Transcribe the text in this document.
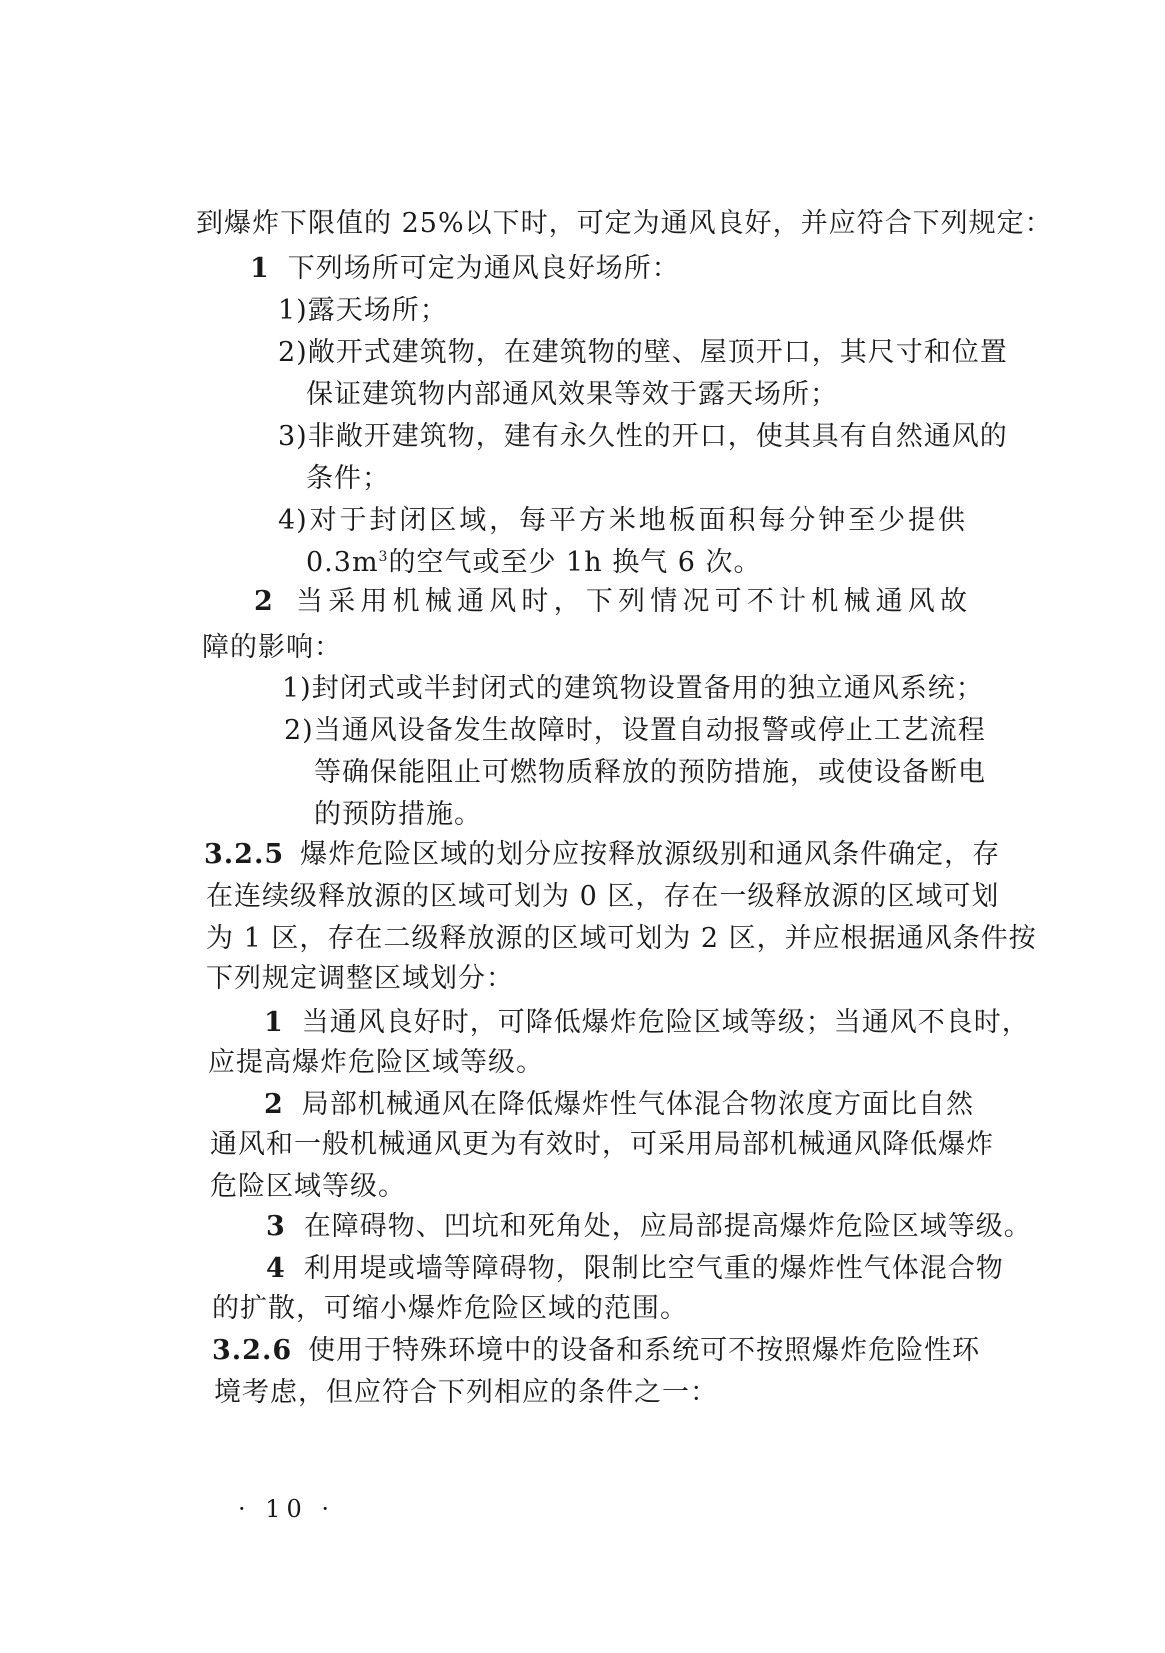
到爆炸下限值的 25%以下时，可定为通风良好，并应符合下列规定：
1 下列场所可定为通风良好场所：
1)露天场所；
2)敞开式建筑物，在建筑物的壁、屋顶开口，其尺寸和位置
保证建筑物内部通风效果等效于露天场所；
3)非敞开建筑物，建有永久性的开口，使其具有自然通风的
条件；
4)对于封闭区域，每平方米地板面积每分钟至少提供
$0.3m^3$的空气或至少 1h 换气 6 次。
2 当采用机械通风时，下列情况可不计机械通风故
障的影响：
1)封闭式或半封闭式的建筑物设置备用的独立通风系统；
2)当通风设备发生故障时，设置自动报警或停止工艺流程
等确保能阻止可燃物质释放的预防措施，或使设备断电
的预防措施。
3.2.5 爆炸危险区域的划分应按释放源级别和通风条件确定，存
在连续级释放源的区域可划为 0 区，存在一级释放源的区域可划
为 1 区，存在二级释放源的区域可划为 2 区，并应根据通风条件按
下列规定调整区域划分：
1 当通风良好时，可降低爆炸危险区域等级；当通风不良时，
应提高爆炸危险区域等级。
2 局部机械通风在降低爆炸性气体混合物浓度方面比自然
通风和一般机械通风更为有效时，可采用局部机械通风降低爆炸
危险区域等级。
3 在障碍物、凹坑和死角处，应局部提高爆炸危险区域等级。
4 利用堤或墙等障碍物，限制比空气重的爆炸性气体混合物
的扩散，可缩小爆炸危险区域的范围。
3.2.6 使用于特殊环境中的设备和系统可不按照爆炸危险性环
境考虑，但应符合下列相应的条件之一：
· 10 ·
